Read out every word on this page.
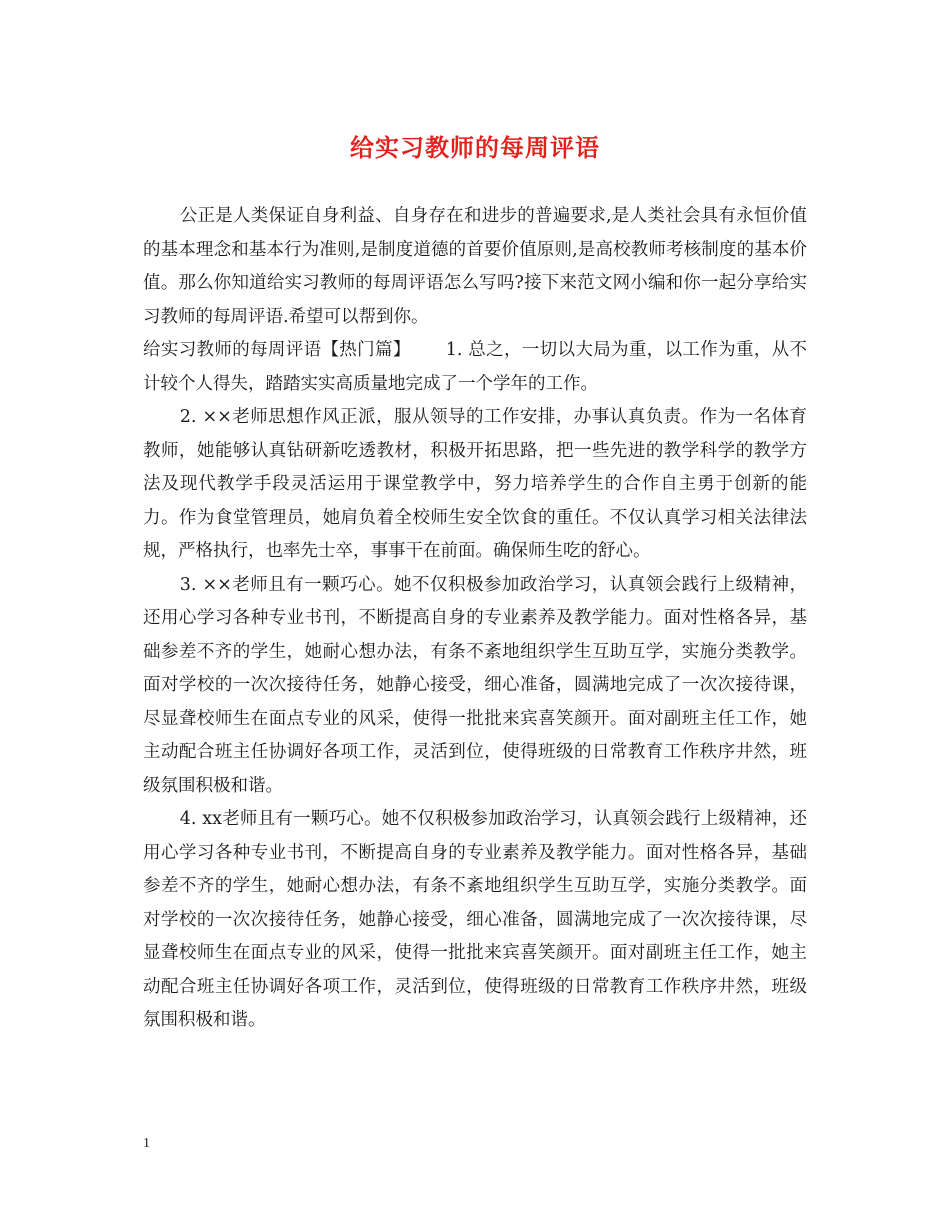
给实习教师的每周评语

公正是人类保证自身利益、自身存在和进步的普遍要求,是人类社会具有永恒价值的基本理念和基本行为准则,是制度道德的首要价值原则,是高校教师考核制度的基本价值。那么你知道给实习教师的每周评语怎么写吗?接下来范文网小编和你一起分享给实习教师的每周评语.希望可以帮到你。

给实习教师的每周评语【热门篇】   1. 总之，一切以大局为重，以工作为重，从不计较个人得失，踏踏实实高质量地完成了一个学年的工作。

2. ××老师思想作风正派，服从领导的工作安排，办事认真负责。作为一名体育教师，她能够认真钻研新吃透教材，积极开拓思路，把一些先进的教学科学的教学方法及现代教学手段灵活运用于课堂教学中，努力培养学生的合作自主勇于创新的能力。作为食堂管理员，她肩负着全校师生安全饮食的重任。不仅认真学习相关法律法规，严格执行，也率先士卒，事事干在前面。确保师生吃的舒心。

3. ××老师且有一颗巧心。她不仅积极参加政治学习，认真领会践行上级精神，还用心学习各种专业书刊，不断提高自身的专业素养及教学能力。面对性格各异，基础参差不齐的学生，她耐心想办法，有条不紊地组织学生互助互学，实施分类教学。面对学校的一次次接待任务，她静心接受，细心准备，圆满地完成了一次次接待课，尽显聋校师生在面点专业的风采，使得一批批来宾喜笑颜开。面对副班主任工作，她主动配合班主任协调好各项工作，灵活到位，使得班级的日常教育工作秩序井然，班级氛围积极和谐。

4. xx老师且有一颗巧心。她不仅积极参加政治学习，认真领会践行上级精神，还用心学习各种专业书刊，不断提高自身的专业素养及教学能力。面对性格各异，基础参差不齐的学生，她耐心想办法，有条不紊地组织学生互助互学，实施分类教学。面对学校的一次次接待任务，她静心接受，细心准备，圆满地完成了一次次接待课，尽显聋校师生在面点专业的风采，使得一批批来宾喜笑颜开。面对副班主任工作，她主动配合班主任协调好各项工作，灵活到位，使得班级的日常教育工作秩序井然，班级氛围积极和谐。

1
